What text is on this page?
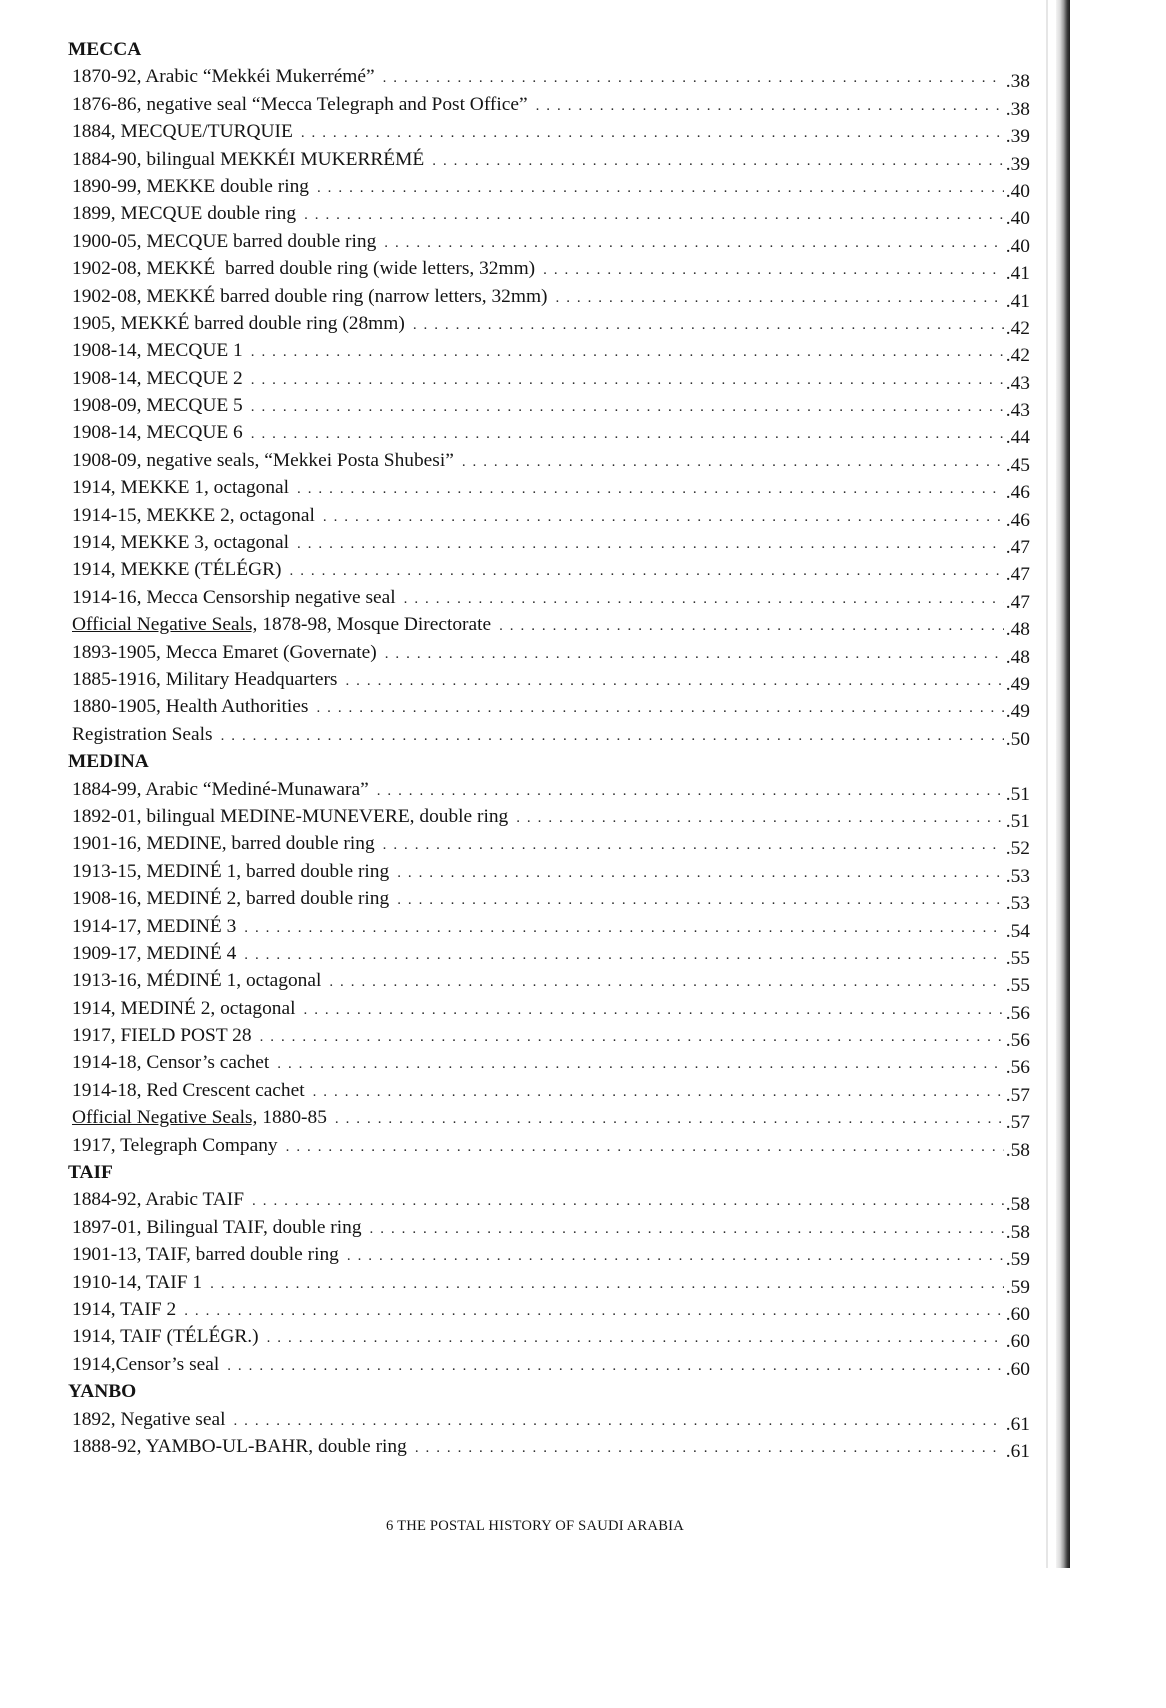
MECCA
1870-92, Arabic “Mekkéi Mukerrémé” . . .	.38
1876-86, negative seal “Mecca Telegraph and Post Office” . . .	.38
1884, MECQUE/TURQUIE . . .	.39
1884-90, bilingual MEKKÉI MUKERRÉMÉ . . .	.39
1890-99, MEKKE double ring . . .	.40
1899, MECQUE double ring . . .	.40
1900-05, MECQUE barred double ring . . .	.40
1902-08, MEKKÉ  barred double ring (wide letters, 32mm) . . .	.41
1902-08, MEKKÉ barred double ring (narrow letters, 32mm) . . .	.41
1905, MEKKÉ barred double ring (28mm) . . .	.42
1908-14, MECQUE 1 . . .	.42
1908-14, MECQUE 2 . . .	.43
1908-09, MECQUE 5 . . .	.43
1908-14, MECQUE 6 . . .	.44
1908-09, negative seals, “Mekkei Posta Shubesi” . . .	.45
1914, MEKKE 1, octagonal . . .	.46
1914-15, MEKKE 2, octagonal . . .	.46
1914, MEKKE 3, octagonal . . .	.47
1914, MEKKE (TÉLÉGR) . . .	.47
1914-16, Mecca Censorship negative seal . . .	.47
Official Negative Seals, 1878-98, Mosque Directorate . . .	.48
1893-1905, Mecca Emaret (Governate) . . .	.48
1885-1916, Military Headquarters . . .	.49
1880-1905, Health Authorities . . .	.49
Registration Seals . . .	.50
MEDINA
1884-99, Arabic “Mediné-Munawara” . . .	.51
1892-01, bilingual MEDINE-MUNEVERE, double ring . . .	.51
1901-16, MEDINE, barred double ring . . .	.52
1913-15, MEDINÉ 1, barred double ring . . .	.53
1908-16, MEDINÉ 2, barred double ring . . .	.53
1914-17, MEDINÉ 3 . . .	.54
1909-17, MEDINÉ 4 . . .	.55
1913-16, MÉDINÉ 1, octagonal . . .	.55
1914, MEDINÉ 2, octagonal . . .	.56
1917, FIELD POST 28 . . .	.56
1914-18, Censor’s cachet . . .	.56
1914-18, Red Crescent cachet . . .	.57
Official Negative Seals, 1880-85 . . .	.57
1917, Telegraph Company . . .	.58
TAIF
1884-92, Arabic TAIF . . .	.58
1897-01, Bilingual TAIF, double ring . . .	.58
1901-13, TAIF, barred double ring . . .	.59
1910-14, TAIF 1 . . .	.59
1914, TAIF 2 . . .	.60
1914, TAIF (TÉLÉGR.) . . .	.60
1914,Censor’s seal . . .	.60
YANBO
1892, Negative seal . . .	.61
1888-92, YAMBO-UL-BAHR, double ring . . .	.61
6 THE POSTAL HISTORY OF SAUDI ARABIA
